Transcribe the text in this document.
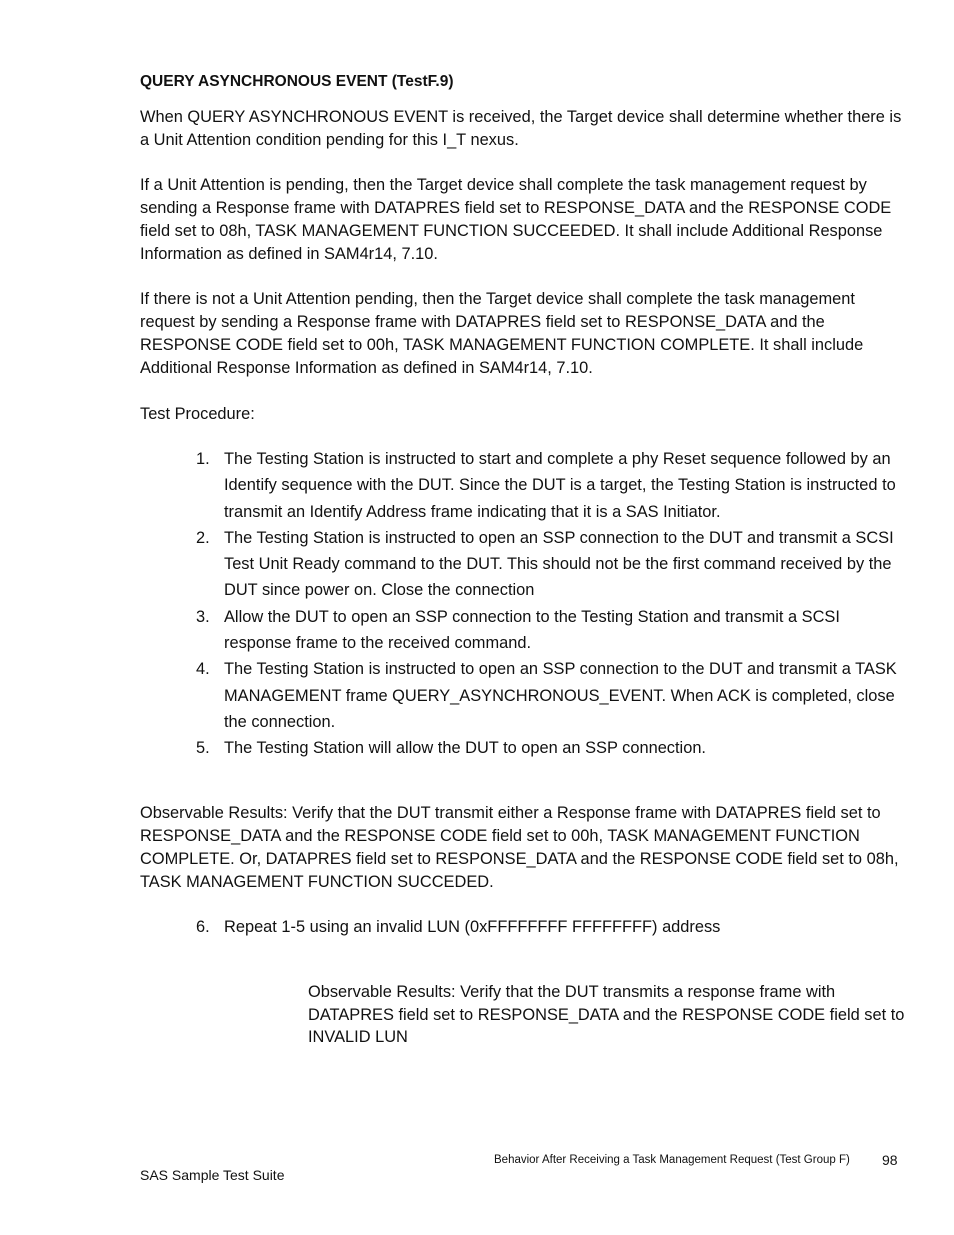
QUERY ASYNCHRONOUS EVENT (TestF.9)

When QUERY ASYNCHRONOUS EVENT is received, the Target device shall determine whether there is a Unit Attention condition pending for this I_T nexus.

If a Unit Attention is pending, then the Target device shall complete the task management request by sending a Response frame with DATAPRES field set to RESPONSE_DATA and the RESPONSE CODE field set to 08h, TASK MANAGEMENT FUNCTION SUCCEEDED. It shall include Additional Response Information as defined in SAM4r14, 7.10.

If there is not a Unit Attention pending, then the Target device shall complete the task management request by sending a Response frame with DATAPRES field set to RESPONSE_DATA and the RESPONSE CODE field set to 00h, TASK MANAGEMENT FUNCTION COMPLETE. It shall include Additional Response Information as defined in SAM4r14, 7.10.

Test Procedure:

1. The Testing Station is instructed to start and complete a phy Reset sequence followed by an Identify sequence with the DUT. Since the DUT is a target, the Testing Station is instructed to transmit an Identify Address frame indicating that it is a SAS Initiator.
2. The Testing Station is instructed to open an SSP connection to the DUT and transmit a SCSI Test Unit Ready command to the DUT. This should not be the first command received by the DUT since power on. Close the connection
3. Allow the DUT to open an SSP connection to the Testing Station and transmit a SCSI response frame to the received command.
4. The Testing Station is instructed to open an SSP connection to the DUT and transmit a TASK MANAGEMENT frame QUERY_ASYNCHRONOUS_EVENT. When ACK is completed, close the connection.
5. The Testing Station will allow the DUT to open an SSP connection.

Observable Results: Verify that the DUT transmit either a Response frame with DATAPRES field set to RESPONSE_DATA and the RESPONSE CODE field set to 00h, TASK MANAGEMENT FUNCTION COMPLETE. Or, DATAPRES field set to RESPONSE_DATA and the RESPONSE CODE field set to 08h, TASK MANAGEMENT FUNCTION SUCCEDED.

6. Repeat 1-5 using an invalid LUN (0xFFFFFFFF FFFFFFFF) address

Observable Results: Verify that the DUT transmits a response frame with DATAPRES field set to RESPONSE_DATA and the RESPONSE CODE field set to INVALID LUN

Behavior After Receiving a Task Management Request (Test Group F) 98
SAS Sample Test Suite
